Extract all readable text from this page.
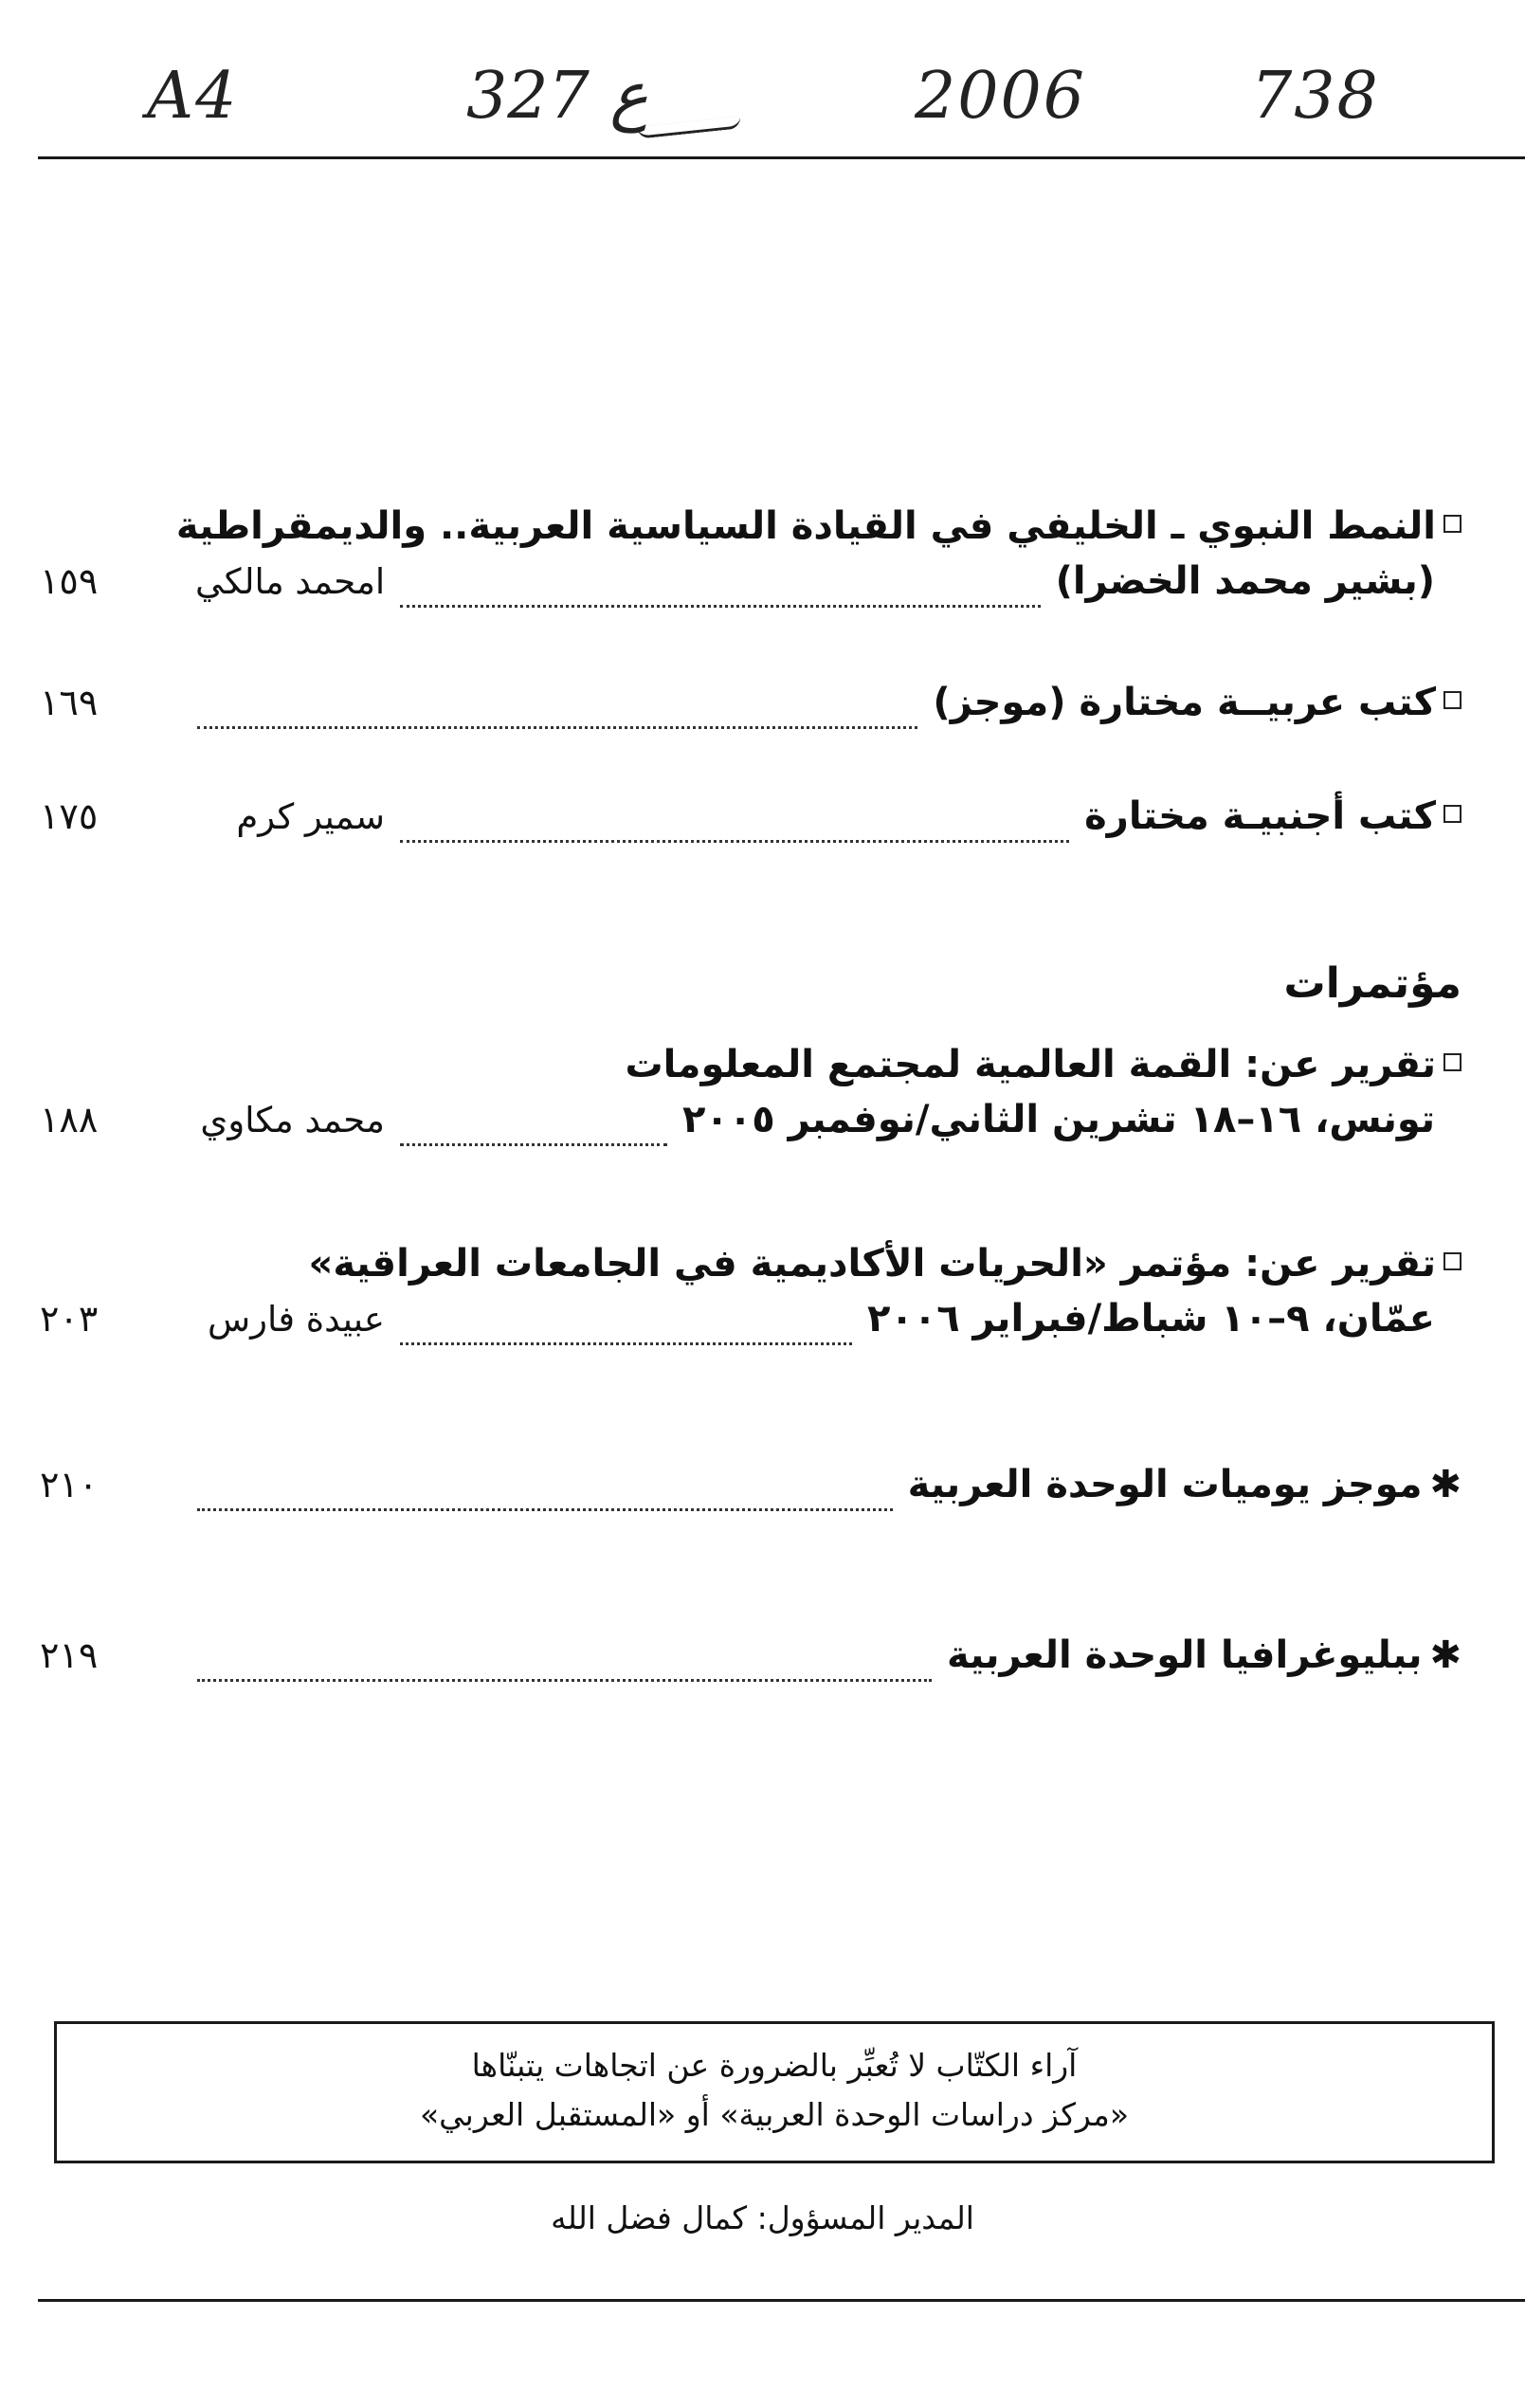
A4	327 ع	2006	738
النمط النبوي ـ الخليفي في القيادة السياسية العربية.. والديمقراطية
١٥٩	امحمد مالكي	(بشير محمد الخضرا)
١٦٩	كتب عربيــة مختارة (موجز)
١٧٥	سمير كرم	كتب أجنبيـة مختارة
مؤتمرات
تقرير عن: القمة العالمية لمجتمع المعلومات
١٨٨	محمد مكاوي	تونس، ١٦–١٨ تشرين الثاني/نوفمبر ٢٠٠٥
تقرير عن: مؤتمر «الحريات الأكاديمية في الجامعات العراقية»
٢٠٣	عبيدة فارس	عمّان، ٩–١٠ شباط/فبراير ٢٠٠٦
٢١٠	✱موجز يوميات الوحدة العربية
٢١٩	✱ببليوغرافيا الوحدة العربية
آراء الكتّاب لا تُعبِّر بالضرورة عن اتجاهات يتبنّاها
«مركز دراسات الوحدة العربية» أو «المستقبل العربي»
المدير المسؤول: كمال فضل الله
